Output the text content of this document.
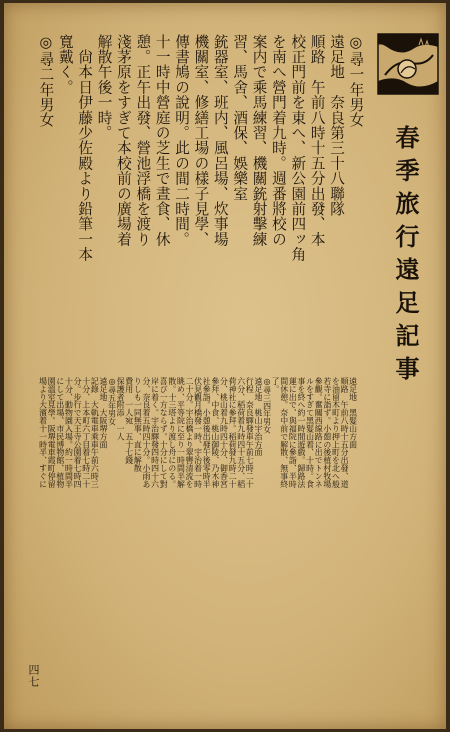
春季旅行遠足記事
◎尋一年男女
遠足地　奈良第三十八聯隊
順路　午前八時十五分出發、本
校正門前を東へ、新公園前四ッ角
を南へ營門着九時。週番將校の
案内で乘馬練習、機關銃射擊練
習、馬舍、酒保、娛樂室
銃器室、班内、風呂場、炊事場
機關室、修繕工場の樣子見學、
傳書鳩の說明。此の間二時間。
十一時中營庭の芝生で晝食、休
憩。正午出發、營池浮橋を渡り
淺茅原をすぎて本校前の廣場着
解散午後一時。
　尙本日伊藤少佐殿より鉛筆一本
寬戴く。
◎尋二年男女
四七
遠足地　黑髮山方面
順路　午前八時十五分出發、道
を油留木町より押上町を北へ般
若寺に詣ず。小憩の後植村牧場
參觀。奮關西線路に出でトンネ
ルをすぎて黑髮山着、十時。食
事を終へ約一時間遊戲。歸路法
蓮に出で、與福院に參詣、半時
間休憩。奈中前で解散、無事終
了。
◎尋三四年男女
遠足地　桃山宇治方面
行程　奈良驛發車午前七時二十
六分、稻荷着九時四十五分、稻
荷神社に參拜。稻荷發九時二十
分、桃山着九時四十分、御香宮
參拜、中食、桃山御陵、乃木神
社參詣。小憩後出發午後零時半
伏見觀月橋發一時、宇治着一時
二十分。宇治橋より翠轡清流を
眺め、平等院に至り一時間半解
散。十三塔より渡し舟にのる。
喜び一方ならず。十分にして對
岸に着く。宇治驛發四時四十六
分、奈良着五時四十分。小雨あ
りしも一同無事、直に解散
費用　一人宛　五十七錢
保護者附添　一人
◎尋五年男女
遠足地　大阪堺方面
記錄　大軌電車乘車午前六時三
十分、上本町六丁目着七時二十
分。步行で天王寺公園着七時四
十分、動物園入場。約一時間半
にして出場、市民博物館、植物
園溫室見學。阪堺電車霞町停留
場より大濱着十一時半、すぐに
